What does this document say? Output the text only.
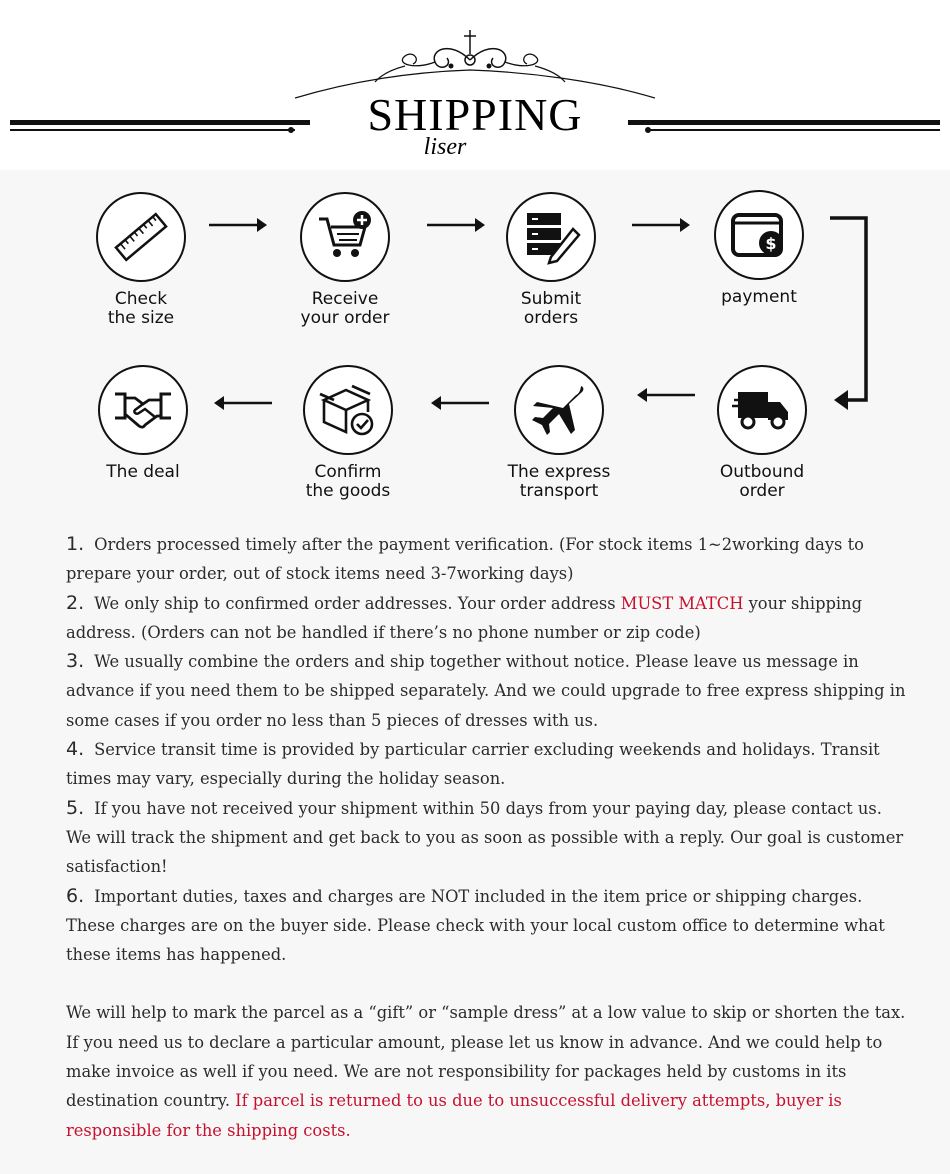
SHIPPING
liser
Check
the size
Receive
your order
Submit
orders
$
payment
The deal	Confirm
the goods
The express
transport
Outbound
order

1. Orders processed timely after the payment verification. (For stock items 1~2working days to prepare your order, out of stock items need 3-7working days)

2. We only ship to confirmed order addresses. Your order address MUST MATCH your shipping address. (Orders can not be handled if there’s no phone number or zip code)

3. We usually combine the orders and ship together without notice. Please leave us message in advance if you need them to be shipped separately. And we could upgrade to free express shipping in some cases if you order no less than 5 pieces of dresses with us.

4. Service transit time is provided by particular carrier excluding weekends and holidays. Transit times may vary, especially during the holiday season.

5. If you have not received your shipment within 50 days from your paying day, please contact us. We will track the shipment and get back to you as soon as possible with a reply. Our goal is customer satisfaction!

6. Important duties, taxes and charges are NOT included in the item price or shipping charges. These charges are on the buyer side. Please check with your local custom office to determine what these items has happened.

We will help to mark the parcel as a “gift” or “sample dress” at a low value to skip or shorten the tax. If you need us to declare a particular amount, please let us know in advance. And we could help to make invoice as well if you need. We are not responsibility for packages held by customs in its destination country. If parcel is returned to us due to unsuccessful delivery attempts, buyer is responsible for the shipping costs.
